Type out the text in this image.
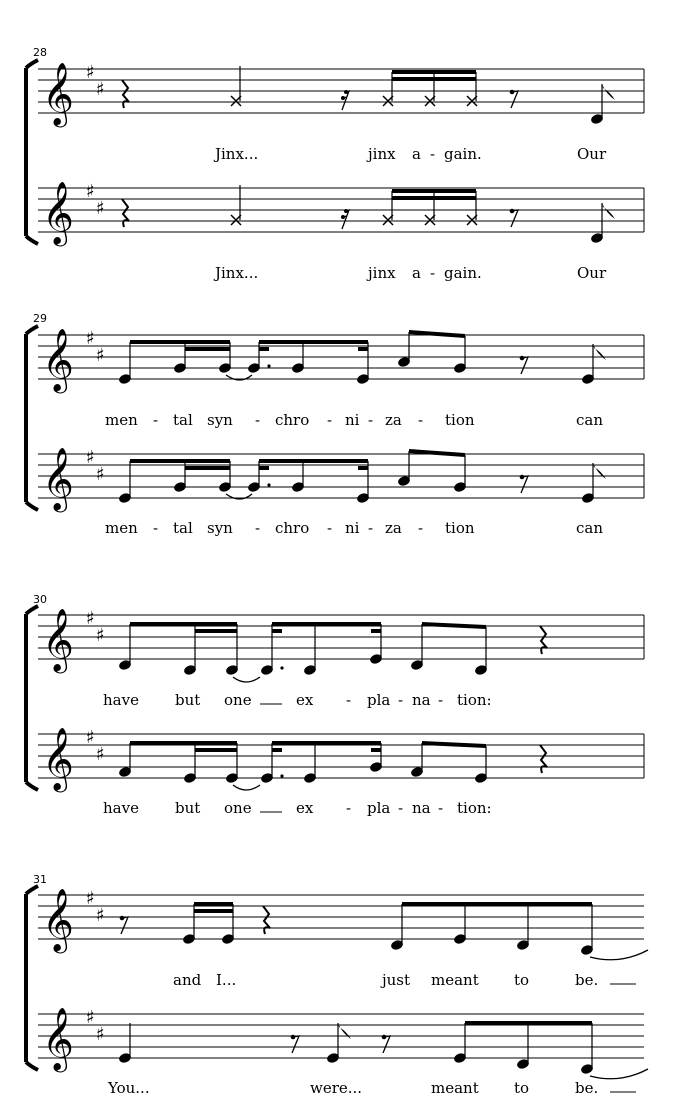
28
𝄞 ♯
♯
Jinx...	jinx a - gain.	Our
𝄞 ♯
♯
Jinx...	jinx a - gain.	Our
29
𝄞 ♯
♯
men - tal syn - chro - ni - za - tion	can
𝄞 ♯
♯
men - tal syn - chro - ni - za - tion	can
30
𝄞 ♯
♯
have but one	ex - pla - na - tion:
𝄞 ♯
♯
have but one	ex - pla - na - tion:
31
𝄞 ♯
♯
and I...	just meant to	be.
𝄞 ♯
♯
You...	were...	meant to	be.
